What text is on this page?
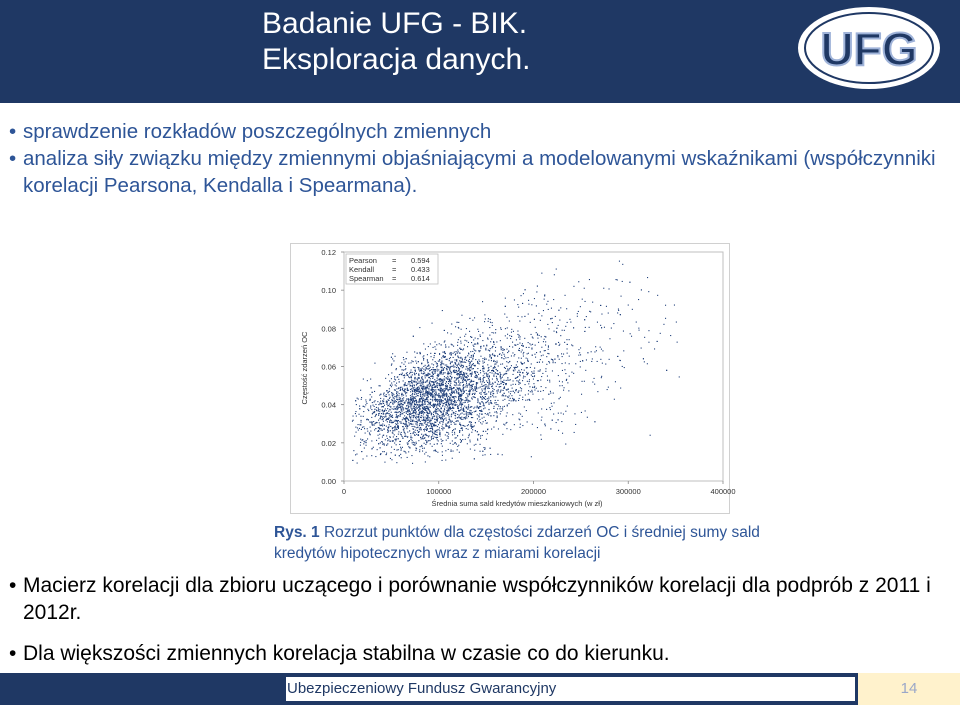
Badanie UFG - BIK.
Eksploracja danych.	UFG
• sprawdzenie rozkładów poszczególnych zmiennych
• analiza siły związku między zmiennymi objaśniającymi a modelowanymi wskaźnikami (współczynniki korelacji Pearsona, Kendalla i Spearmana).
Pearson = 0.594
Kendall = 0.433
Spearman = 0.614
0.00
0.02
0.04
0.06
0.08
0.10
0.12
0	100000	200000	300000	400000
Średnia suma sald kredytów mieszkaniowych (w zł)
Częstość zdarzeń OC
Rys. 1 Rozrzut punktów dla częstości zdarzeń OC i średniej sumy sald kredytów hipotecznych wraz z miarami korelacji
• Macierz korelacji dla zbioru uczącego i porównanie współczynników korelacji dla podprób z 2011 i 2012r.
• Dla większości zmiennych korelacja stabilna w czasie co do kierunku.
Ubezpieczeniowy Fundusz Gwarancyjny	14
